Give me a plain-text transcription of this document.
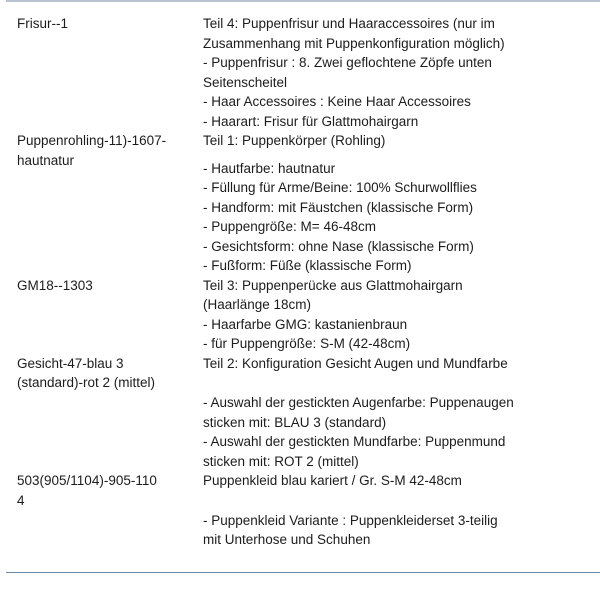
Frisur--1	Teil 4: Puppenfrisur und Haaraccessoires (nur im
Zusammenhang mit Puppenkonfiguration möglich)
- Puppenfrisur : 8. Zwei geflochtene Zöpfe unten
Seitenscheitel
- Haar Accessoires : Keine Haar Accessoires
- Haarart: Frisur für Glattmohairgarn
Puppenrohling-11)-1607-
hautnatur
Teil 1: Puppenkörper (Rohling)
- Hautfarbe: hautnatur
- Füllung für Arme/Beine: 100% Schurwollflies
- Handform: mit Fäustchen (klassische Form)
- Puppengröße: M= 46-48cm
- Gesichtsform: ohne Nase (klassische Form)
- Fußform: Füße (klassische Form)
GM18--1303	Teil 3: Puppenperücke aus Glattmohairgarn
(Haarlänge 18cm)
- Haarfarbe GMG: kastanienbraun
- für Puppengröße: S-M (42-48cm)
Gesicht-47-blau 3
(standard)-rot 2 (mittel)
Teil 2: Konfiguration Gesicht Augen und Mundfarbe
- Auswahl der gestickten Augenfarbe: Puppenaugen
sticken mit: BLAU 3 (standard)
- Auswahl der gestickten Mundfarbe: Puppenmund
sticken mit: ROT 2 (mittel)
503(905/1104)-905-110
4
Puppenkleid blau kariert / Gr. S-M 42-48cm
- Puppenkleid Variante : Puppenkleiderset 3-teilig
mit Unterhose und Schuhen
